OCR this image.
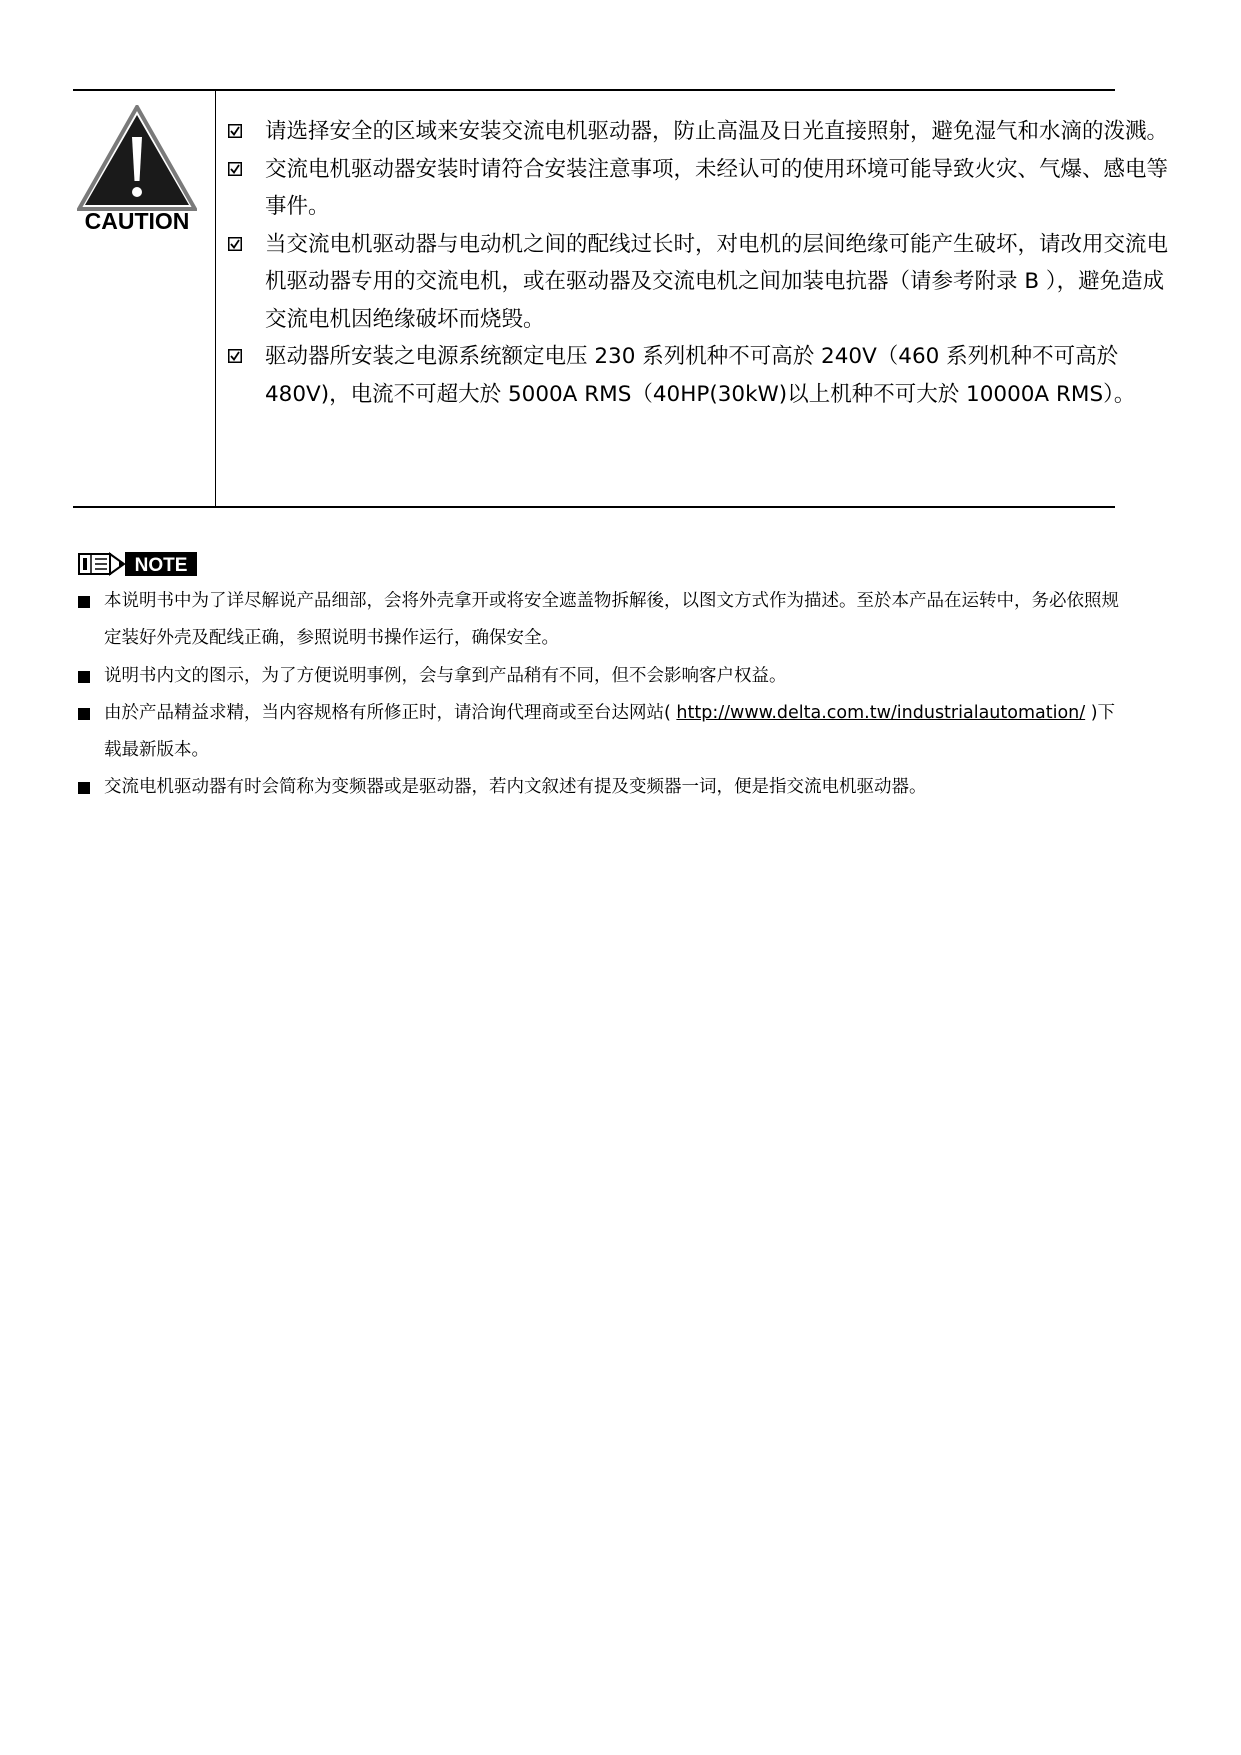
CAUTION
请选择安全的区域来安装交流电机驱动器，防止高温及日光直接照射，避免湿气和水滴的泼溅。
交流电机驱动器安装时请符合安装注意事项，未经认可的使用环境可能导致火灾、气爆、感电等事件。
当交流电机驱动器与电动机之间的配线过长时，对电机的层间绝缘可能产生破坏，请改用交流电机驱动器专用的交流电机，或在驱动器及交流电机之间加装电抗器（请参考附录 B ），避免造成交流电机因绝缘破坏而烧毁。
驱动器所安装之电源系统额定电压 230 系列机种不可高於 240V（460 系列机种不可高於 480V)，电流不可超大於 5000A RMS（40HP(30kW)以上机种不可大於 10000A RMS）。
NOTE
本说明书中为了详尽解说产品细部，会将外壳拿开或将安全遮盖物拆解後，以图文方式作为描述。至於本产品在运转中，务必依照规定装好外壳及配线正确，参照说明书操作运行，确保安全。
说明书内文的图示，为了方便说明事例，会与拿到产品稍有不同，但不会影响客户权益。
由於产品精益求精，当内容规格有所修正时，请洽询代理商或至台达网站( http://www.delta.com.tw/industrialautomation/ )下载最新版本。
交流电机驱动器有时会简称为变频器或是驱动器，若内文叙述有提及变频器一词，便是指交流电机驱动器。
